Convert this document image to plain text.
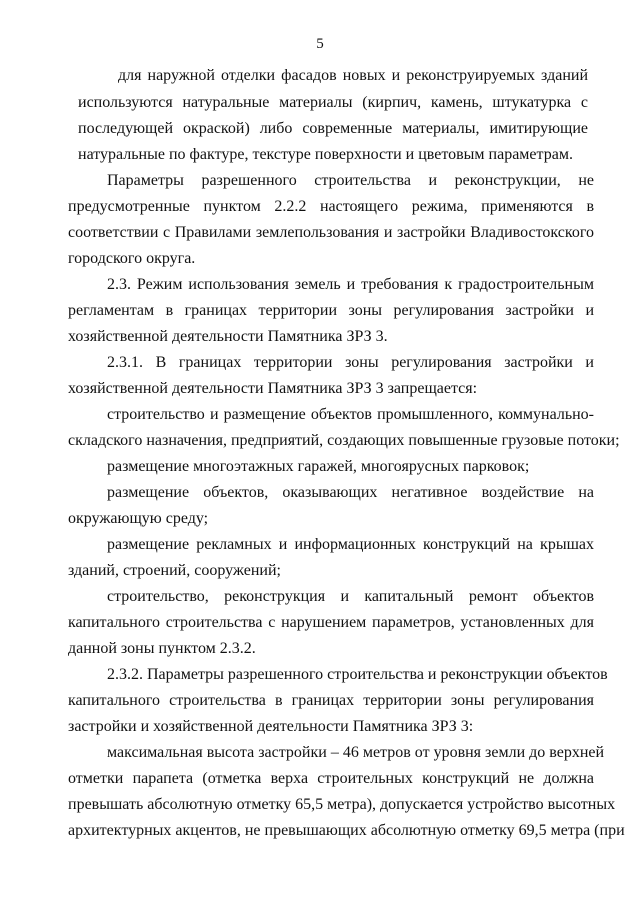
5
для наружной отделки фасадов новых и реконструируемых зданий
используются натуральные материалы (кирпич, камень, штукатурка с
последующей окраской) либо современные материалы, имитирующие
натуральные по фактуре, текстуре поверхности и цветовым параметрам.
Параметры разрешенного строительства и реконструкции, не
предусмотренные пунктом 2.2.2 настоящего режима, применяются в
соответствии с Правилами землепользования и застройки Владивостокского
городского округа.
2.3. Режим использования земель и требования к градостроительным
регламентам в границах территории зоны регулирования застройки и
хозяйственной деятельности Памятника ЗРЗ 3.
2.3.1. В границах территории зоны регулирования застройки и
хозяйственной деятельности Памятника ЗРЗ 3 запрещается:
строительство и размещение объектов промышленного, коммунально-
складского назначения, предприятий, создающих повышенные грузовые потоки;
размещение многоэтажных гаражей, многоярусных парковок;
размещение объектов, оказывающих негативное воздействие на
окружающую среду;
размещение рекламных и информационных конструкций на крышах
зданий, строений, сооружений;
строительство, реконструкция и капитальный ремонт объектов
капитального строительства с нарушением параметров, установленных для
данной зоны пунктом 2.3.2.
2.3.2. Параметры разрешенного строительства и реконструкции объектов
капитального строительства в границах территории зоны регулирования
застройки и хозяйственной деятельности Памятника ЗРЗ 3:
максимальная высота застройки – 46 метров от уровня земли до верхней
отметки парапета (отметка верха строительных конструкций не должна
превышать абсолютную отметку 65,5 метра), допускается устройство высотных
архитектурных акцентов, не превышающих абсолютную отметку 69,5 метра (при
